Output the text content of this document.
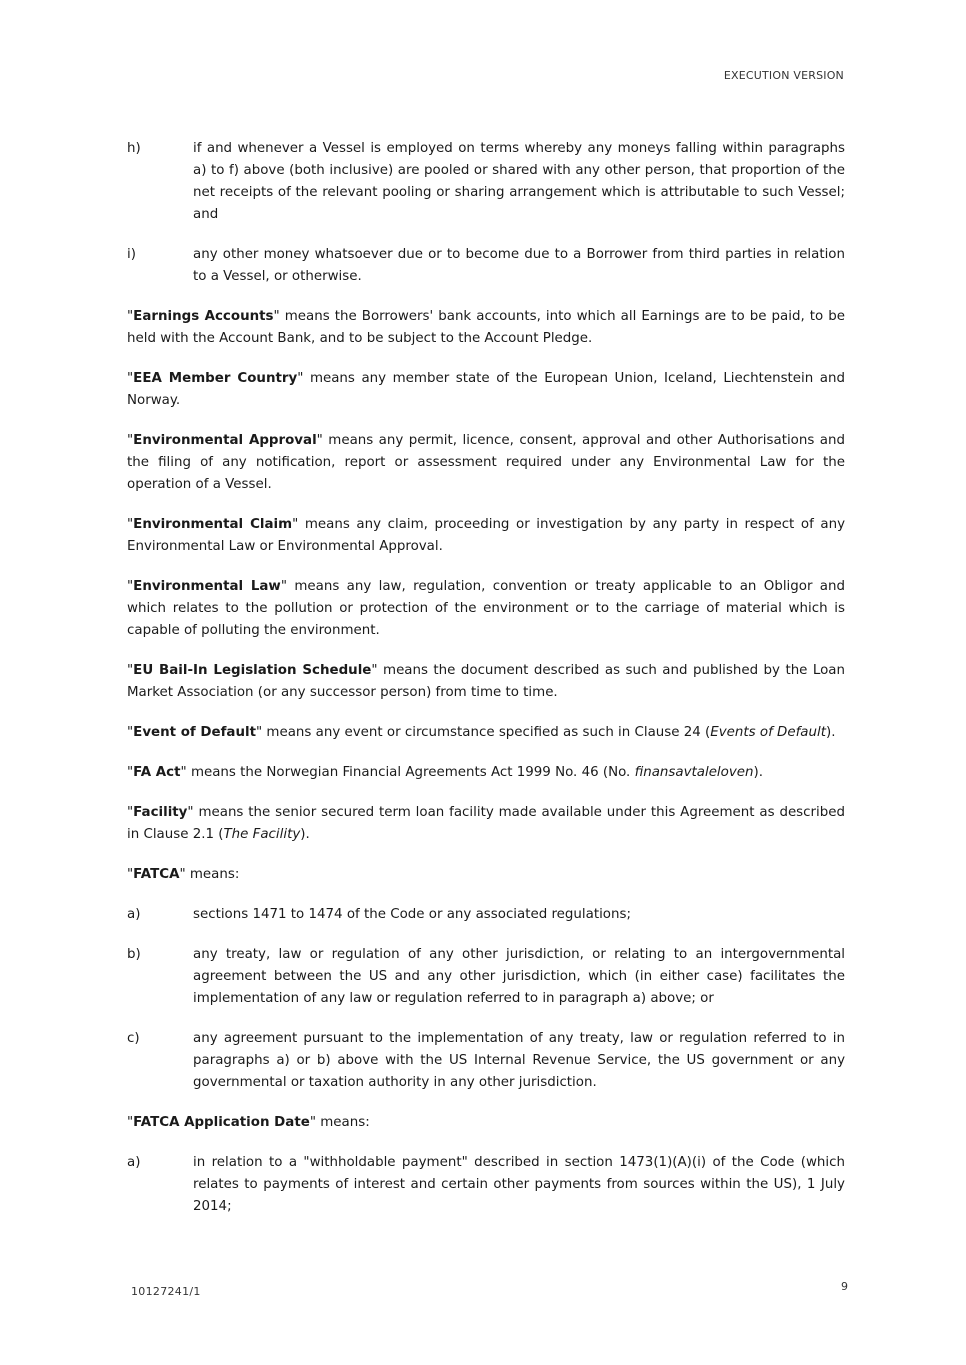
EXECUTION VERSION
h)	if and whenever a Vessel is employed on terms whereby any moneys falling within paragraphs a) to f) above (both inclusive) are pooled or shared with any other person, that proportion of the net receipts of the relevant pooling or sharing arrangement which is attributable to such Vessel; and
i)	any other money whatsoever due or to become due to a Borrower from third parties in relation to a Vessel, or otherwise.

"Earnings Accounts" means the Borrowers' bank accounts, into which all Earnings are to be paid, to be held with the Account Bank, and to be subject to the Account Pledge.

"EEA Member Country" means any member state of the European Union, Iceland, Liechtenstein and Norway.

"Environmental Approval" means any permit, licence, consent, approval and other Authorisations and the filing of any notification, report or assessment required under any Environmental Law for the operation of a Vessel.

"Environmental Claim" means any claim, proceeding or investigation by any party in respect of any Environmental Law or Environmental Approval.

"Environmental Law" means any law, regulation, convention or treaty applicable to an Obligor and which relates to the pollution or protection of the environment or to the carriage of material which is capable of polluting the environment.

"EU Bail-In Legislation Schedule" means the document described as such and published by the Loan Market Association (or any successor person) from time to time.

"Event of Default" means any event or circumstance specified as such in Clause 24 (Events of Default).

"FA Act" means the Norwegian Financial Agreements Act 1999 No. 46 (No. finansavtaleloven).

"Facility" means the senior secured term loan facility made available under this Agreement as described in Clause 2.1 (The Facility).

"FATCA" means:

a)	sections 1471 to 1474 of the Code or any associated regulations;
b)	any treaty, law or regulation of any other jurisdiction, or relating to an intergovernmental agreement between the US and any other jurisdiction, which (in either case) facilitates the implementation of any law or regulation referred to in paragraph a) above; or
c)	any agreement pursuant to the implementation of any treaty, law or regulation referred to in paragraphs a) or b) above with the US Internal Revenue Service, the US government or any governmental or taxation authority in any other jurisdiction.

"FATCA Application Date" means:

a)	in relation to a "withholdable payment" described in section 1473(1)(A)(i) of the Code (which relates to payments of interest and certain other payments from sources within the US), 1 July 2014;
10127241/1	9
